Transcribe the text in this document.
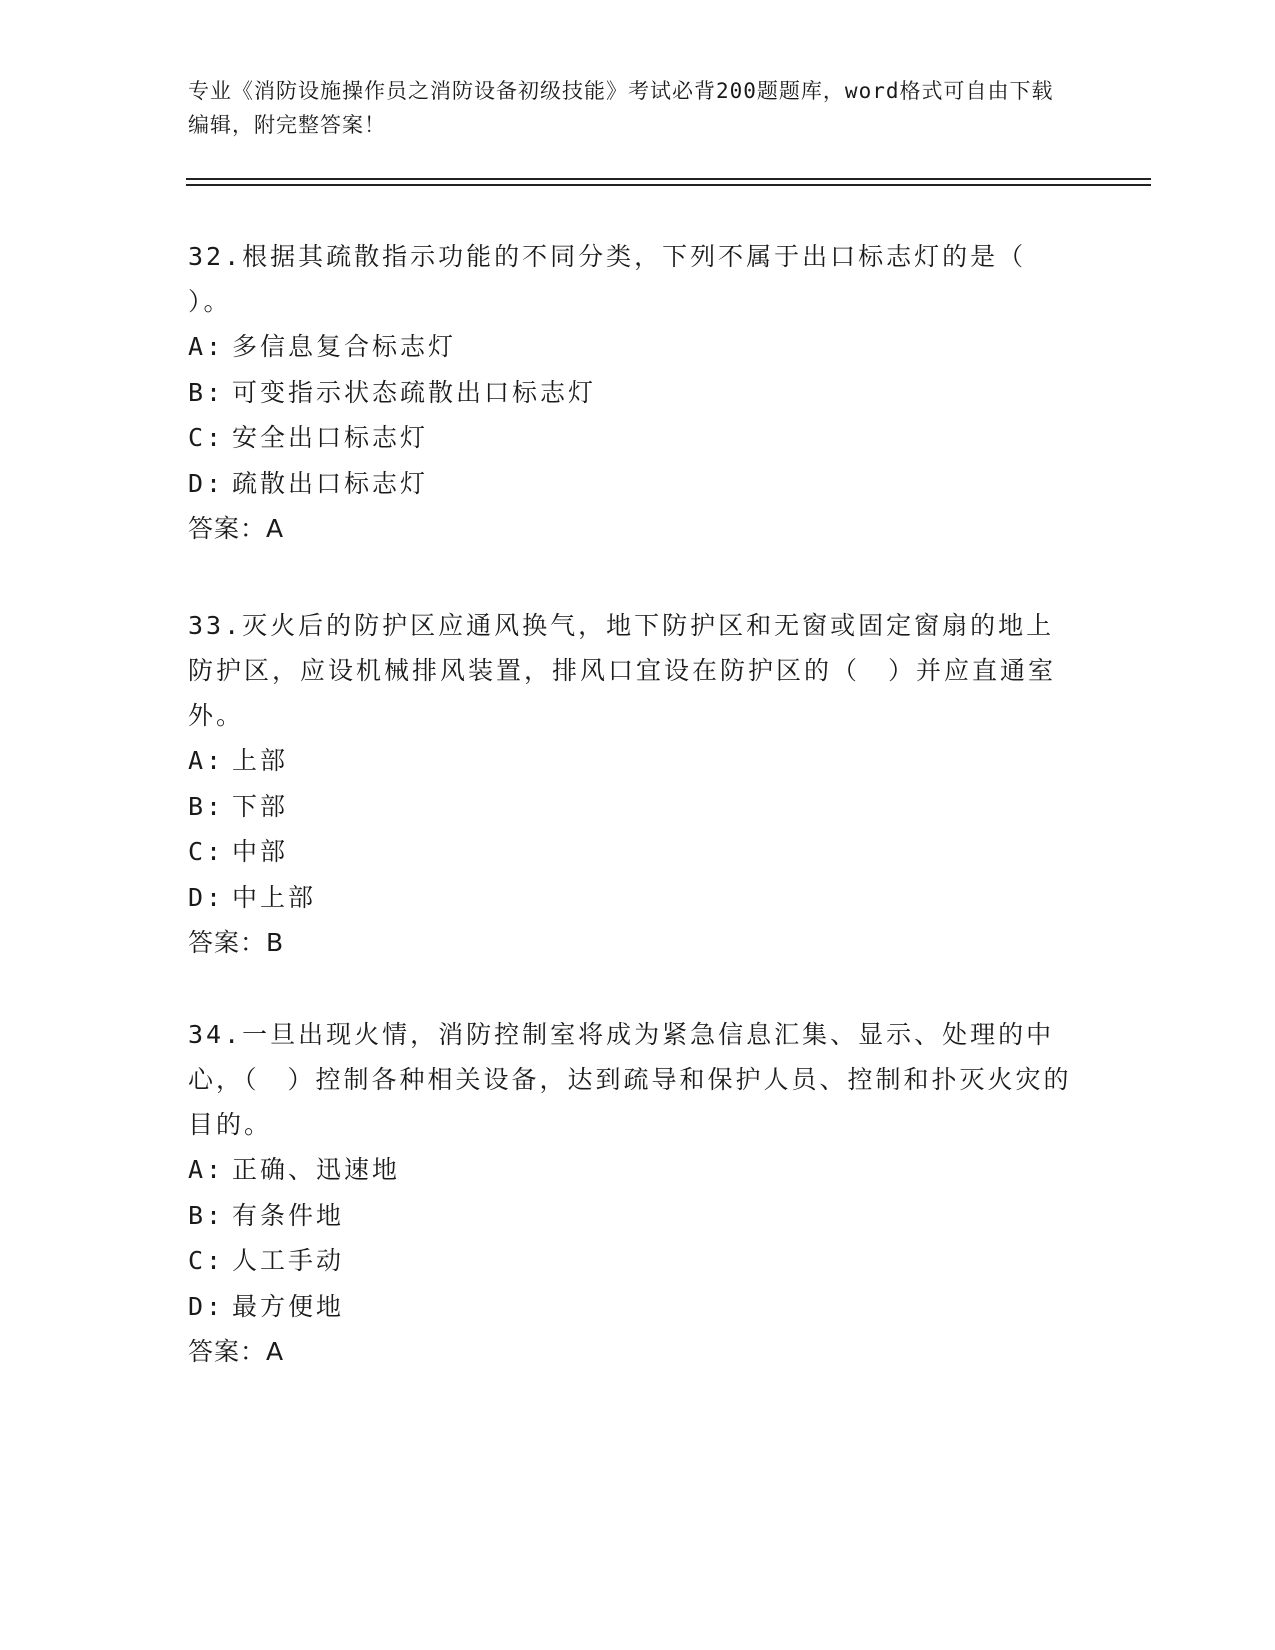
专业《消防设施操作员之消防设备初级技能》考试必背200题题库，word格式可自由下载编辑，附完整答案！

32.根据其疏散指示功能的不同分类，下列不属于出口标志灯的是（ ）。

A: 多信息复合标志灯

B: 可变指示状态疏散出口标志灯

C: 安全出口标志灯

D: 疏散出口标志灯

答案：A

33.灭火后的防护区应通风换气，地下防护区和无窗或固定窗扇的地上防护区，应设机械排风装置，排风口宜设在防护区的（　）并应直通室外。

A: 上部

B: 下部

C: 中部

D: 中上部

答案：B

34.一旦出现火情，消防控制室将成为紧急信息汇集、显示、处理的中心，（　）控制各种相关设备，达到疏导和保护人员、控制和扑灭火灾的目的。

A: 正确、迅速地

B: 有条件地

C: 人工手动

D: 最方便地

答案：A
